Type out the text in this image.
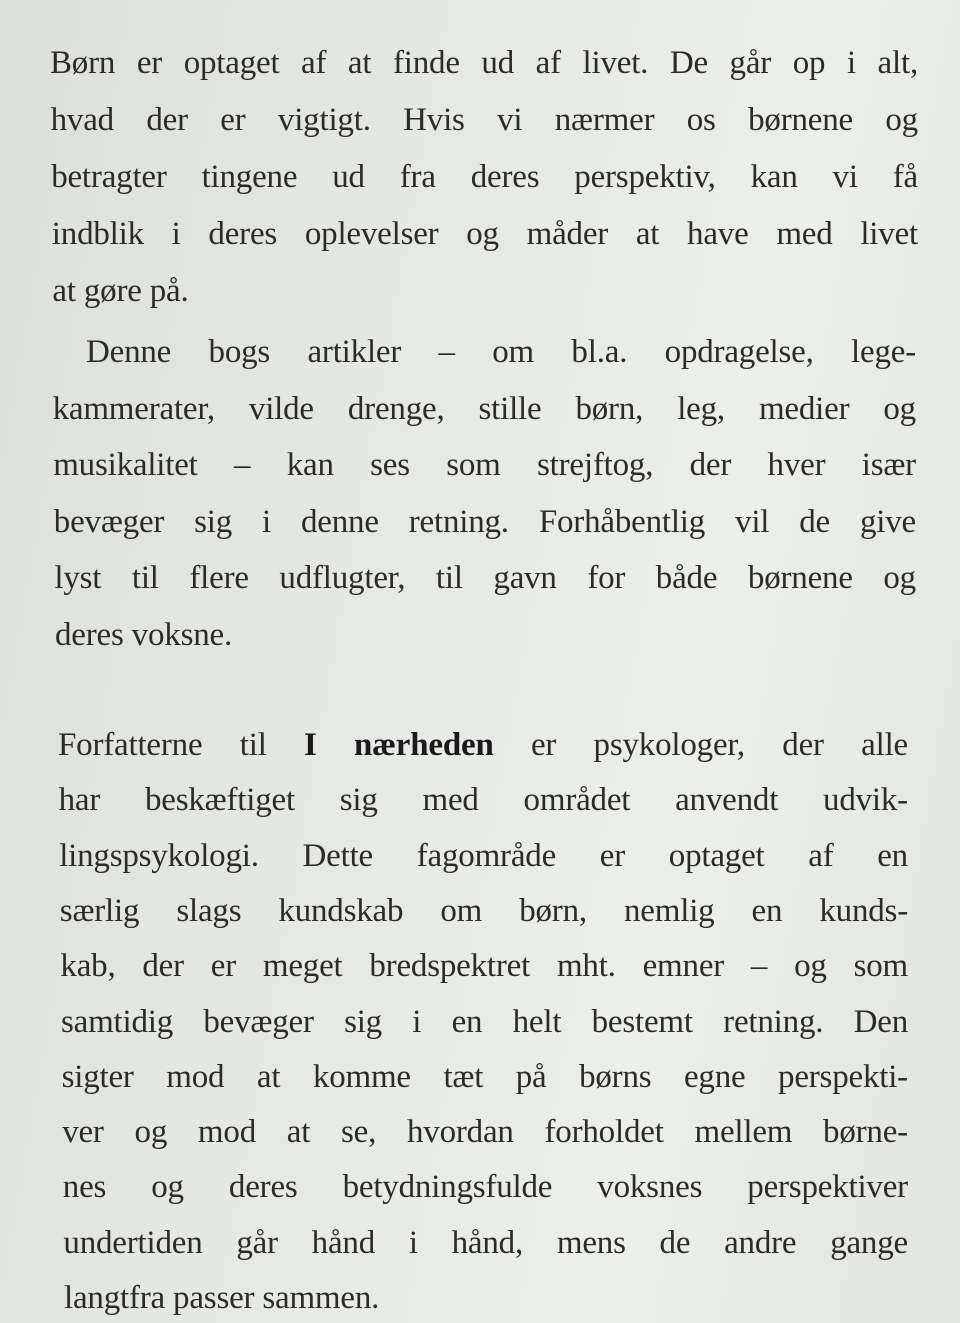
Børn er optaget af at finde ud af livet. De går op i alt,
hvad der er vigtigt. Hvis vi nærmer os børnene og
betragter tingene ud fra deres perspektiv, kan vi få
indblik i deres oplevelser og måder at have med livet
at gøre på.
Denne bogs artikler – om bl.a. opdragelse, lege-
kammerater, vilde drenge, stille børn, leg, medier og
musikalitet – kan ses som strejftog, der hver især
bevæger sig i denne retning. Forhåbentlig vil de give
lyst til flere udflugter, til gavn for både børnene og
deres voksne.
Forfatterne til I nærheden er psykologer, der alle
har beskæftiget sig med området anvendt udvik-
lingspsykologi. Dette fagområde er optaget af en
særlig slags kundskab om børn, nemlig en kunds-
kab, der er meget bredspektret mht. emner – og som
samtidig bevæger sig i en helt bestemt retning. Den
sigter mod at komme tæt på børns egne perspekti-
ver og mod at se, hvordan forholdet mellem børne-
nes og deres betydningsfulde voksnes perspektiver
undertiden går hånd i hånd, mens de andre gange
langtfra passer sammen.
